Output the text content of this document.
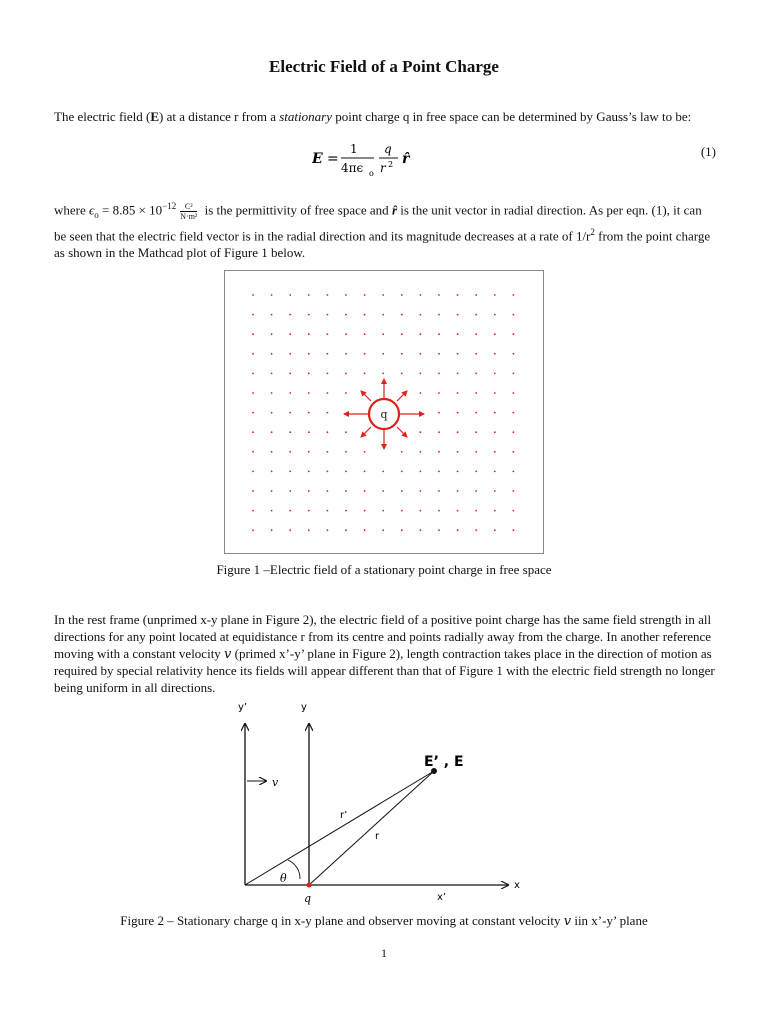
Electric Field of a Point Charge

The electric field (E) at a distance r from a stationary point charge q in free space can be determined by Gauss’s law to be:

E =
1
4πϵ o
q
r 2 r̂	(1)

where $\epsilon_o = 8.85 \times 10^{-12} \frac{\text{C²}}{\text{N·m²}}$ is the permittivity of free space and r̂ is the unit vector in radial direction. As per eqn. (1), it can be seen that the electric field vector is in the radial direction and its magnitude decreases at a rate of $1/r^2$ from the point charge as shown in the Mathcad plot of Figure 1 below.

q
Figure 1 –Electric field of a stationary point charge in free space

In the rest frame (unprimed x-y plane in Figure 2), the electric field of a positive point charge has the same field strength in all directions for any point located at equidistance r from its centre and points radially away from the charge. In another reference moving with a constant velocity 𝑣 (primed x’-y’ plane in Figure 2), length contraction takes place in the direction of motion as required by special relativity hence its fields will appear different than that of Figure 1 with the electric field strength no longer being uniform in all directions.

y’	y
𝑣
E’ , E
r’
r
𝜃
q	x’
x
Figure 2 – Stationary charge q in x-y plane and observer moving at constant velocity 𝑣 iin x’-y’ plane
1
